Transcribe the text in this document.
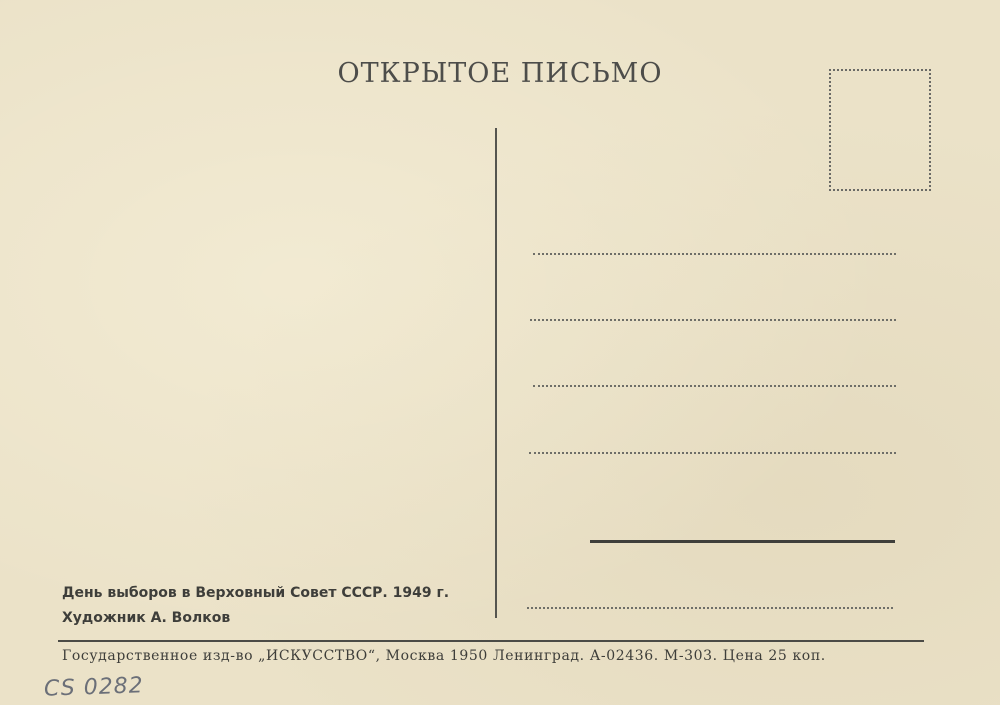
ОТКРЫТОЕ ПИСЬМО
День выборов в Верховный Совет СССР. 1949 г.
Художник А. Волков
Государственное изд-во „ИСКУССТВО“, Москва 1950 Ленинград. А-02436. М-303. Цена 25 коп.
CS 0282
